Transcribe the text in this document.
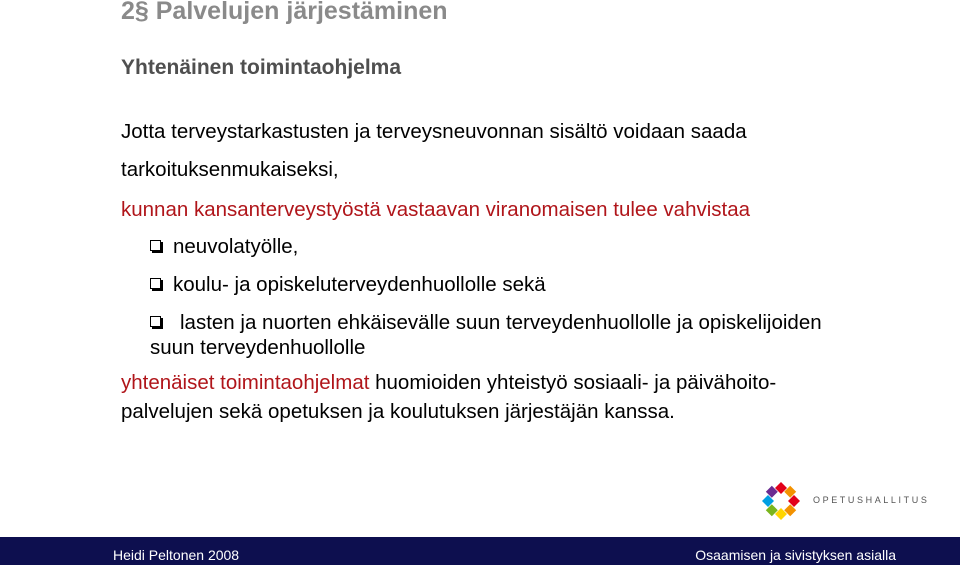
2§ Palvelujen järjestäminen
Yhtenäinen toimintaohjelma
Jotta terveystarkastusten ja terveysneuvonnan sisältö voidaan saada
tarkoituksenmukaiseksi,
kunnan kansanterveystyöstä vastaavan viranomaisen tulee vahvistaa
neuvolatyölle,
koulu- ja opiskeluterveydenhuollolle sekä
lasten ja nuorten ehkäisevälle suun terveydenhuollolle ja opiskelijoiden
suun terveydenhuollolle
yhtenäiset toimintaohjelmat huomioiden yhteistyö sosiaali- ja päivähoito-
palvelujen sekä opetuksen ja koulutuksen järjestäjän kanssa.
OPETUSHALLITUS
Heidi Peltonen 2008	Osaamisen ja sivistyksen asialla
